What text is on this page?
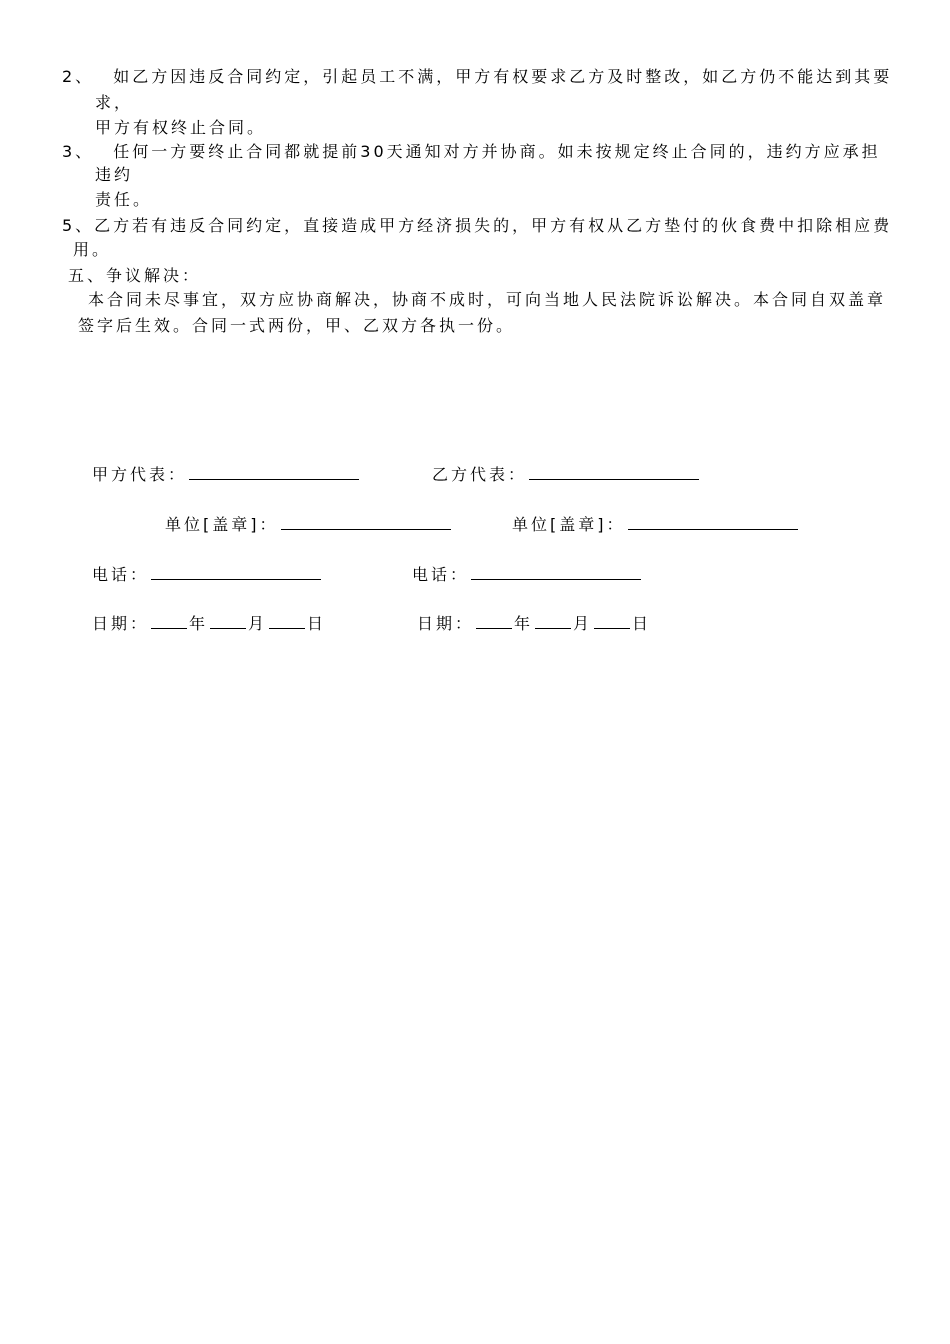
2、　 如乙方因违反合同约定，引起员工不满，甲方有权要求乙方及时整改，如乙方仍不能达到其要
求，
甲方有权终止合同。
3、　 任何一方要终止合同都就提前30天通知对方并协商。如未按规定终止合同的，违约方应承担
违约
责任。
5、乙方若有违反合同约定，直接造成甲方经济损失的，甲方有权从乙方垫付的伙食费中扣除相应费
用。
五、争议解决：
本合同未尽事宜，双方应协商解决，协商不成时，可向当地人民法院诉讼解决。本合同自双盖章
签字后生效。合同一式两份，甲、乙双方各执一份。
甲方代表：	乙方代表：
单位[盖章]：	单位[盖章]：
电话：	电话：
日期：	年	月	日	日期：	年	月	日
